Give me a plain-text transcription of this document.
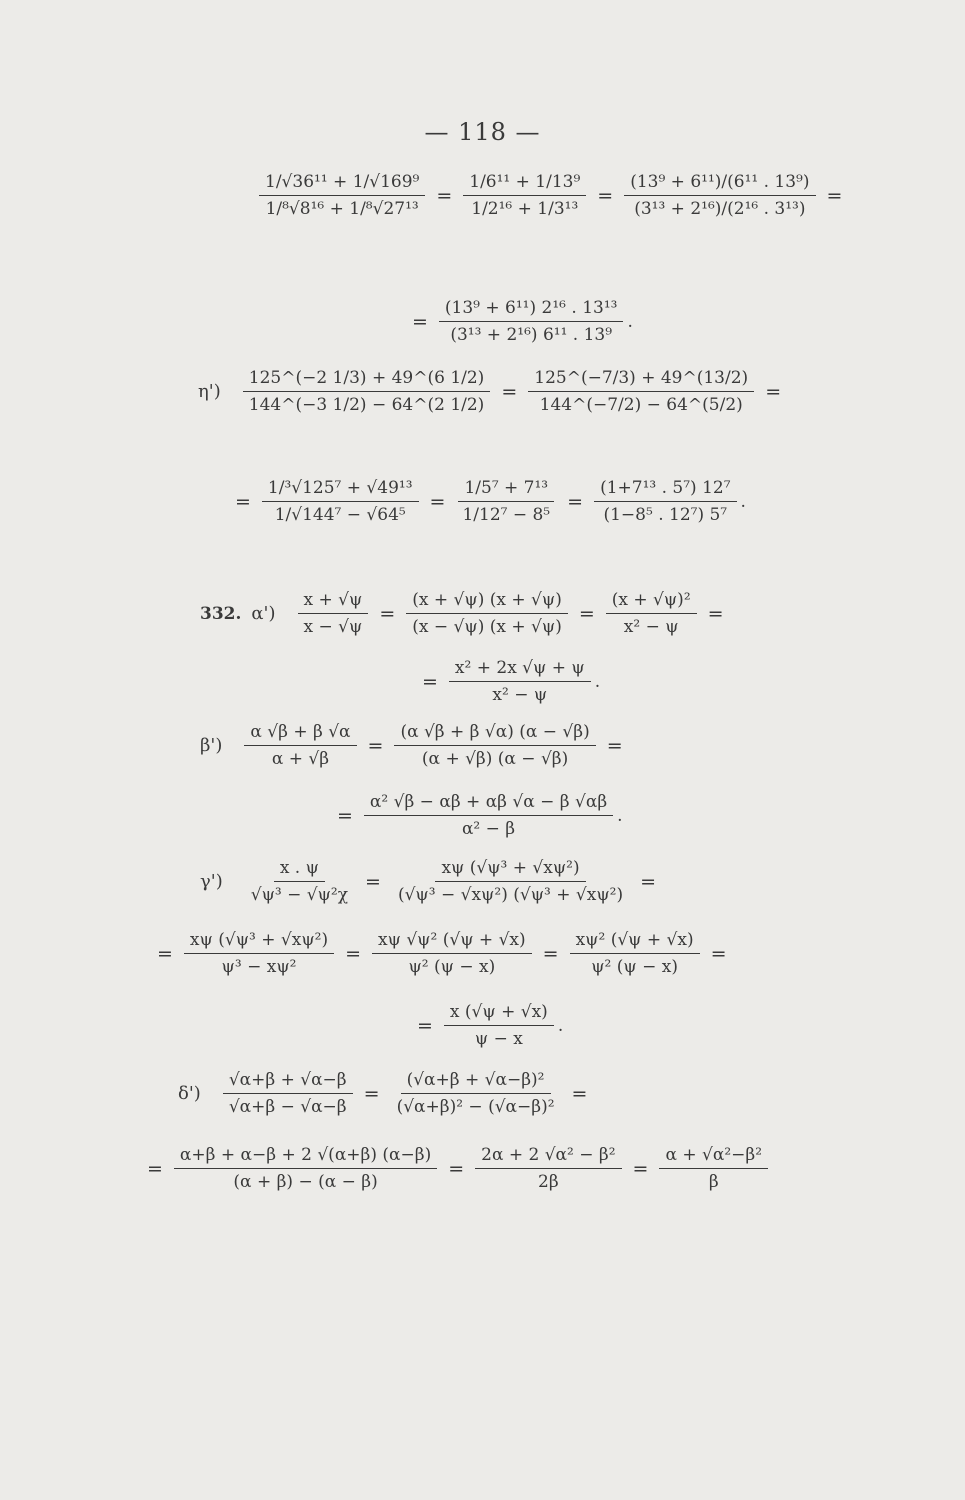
— 118 —
$\frac{\text{1/√36¹¹ + 1/√169⁹}}{\text{1/⁸√8¹⁶ + 1/⁸√27¹³}} = \frac{\text{1/6¹¹ + 1/13⁹}}{\text{1/2¹⁶ + 1/3¹³}} = \frac{\text{(13⁹ + 6¹¹)/(6¹¹ . 13⁹)}}{\text{(3¹³ + 2¹⁶)/(2¹⁶ . 3¹³)}}$ =
= $\frac{\text{(13⁹ + 6¹¹) 2¹⁶ . 13¹³}}{\text{(3¹³ + 2¹⁶) 6¹¹ . 13⁹}}$ .
$\eta') \frac{125\^{}(-2 1/3) + 49\^{}(6 1/2)}{144\^{}(-3 1/2) - 64\^{}(2 1/2)} = \frac{125\^{}(-7/3) + 49\^{}(13/2)}{144\^{}(-7/2) - 64\^{}(5/2)}$ =
= $\frac{\text{1/³√125⁷ + √49¹³}}{\text{1/√144⁷ − √64⁵}} = \frac{\text{1/5⁷ + 7¹³}}{\text{1/12⁷ − 8⁵}} = \frac{\text{(1+7¹³ . 5⁷) 12⁷}}{\text{(1−8⁵ . 12⁷) 5⁷}}$ .
332. $\alpha') \frac{x + √\psi}{x - √\psi} = \frac{(x + √\psi) (x + √\psi)}{(x - √\psi) (x + √\psi)} = \frac{\text{(x + √ψ)²}}{\text{x² − ψ}}$ =
= $\frac{\text{x² + 2x √ψ + ψ}}{\text{x² − ψ}}$ .
$\beta') \frac{\alpha √\beta + \beta √\alpha}{\alpha + √\beta} = \frac{(\alpha √\beta + \beta √\alpha) (\alpha - √\beta)}{(\alpha + √\beta) (\alpha - √\beta)}$ =
= $\frac{\text{α² √β − αβ + αβ √α − β √αβ}}{\text{α² − β}}$ .
$\gamma') \frac{x . \psi}{\text{√ψ³ − √ψ²χ}} = \frac{\text{xψ (√ψ³ + √xψ²)}}{\text{(√ψ³ − √xψ²) (√ψ³ + √xψ²)}}$ =
= $\frac{\text{xψ (√ψ³ + √xψ²)}}{\text{ψ³ − xψ²}} = \frac{\text{xψ √ψ² (√ψ + √x)}}{\text{ψ² (ψ − x)}} = \frac{\text{xψ² (√ψ + √x)}}{\text{ψ² (ψ − x)}}$ =
= $\frac{x (√\psi + √x)}{\psi - x}$ .
$\delta') \frac{√\alpha+\beta + √\alpha-\beta}{√\alpha+\beta - √\alpha-\beta} = \frac{\text{(√α+β + √α−β)²}}{\text{(√α+β)² − (√α−β)²}}$ =
= $\frac{\alpha+\beta + \alpha-\beta + 2 √(\alpha+\beta) (\alpha-\beta)}{(\alpha + \beta) - (\alpha - \beta)} = \frac{\text{2α + 2 √α² − β²}}{2\beta} = \frac{\text{α + √α²−β²}}{\beta}$
